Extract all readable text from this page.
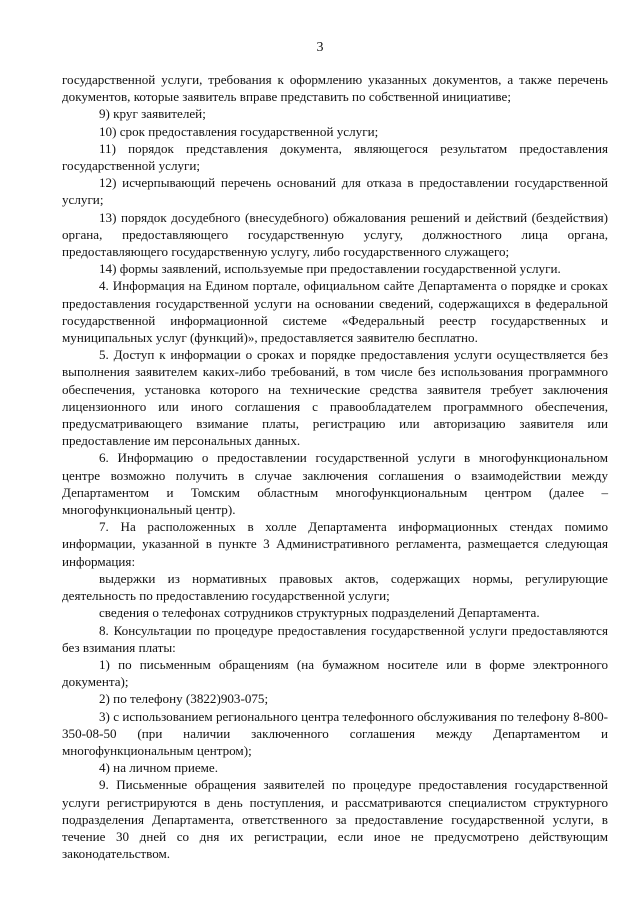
3

государственной услуги, требования к оформлению указанных документов, а также перечень документов, которые заявитель вправе представить по собственной инициативе;

9) круг заявителей;

10) срок предоставления государственной услуги;

11) порядок представления документа, являющегося результатом предоставления государственной услуги;

12) исчерпывающий перечень оснований для отказа в предоставлении государственной услуги;

13) порядок досудебного (внесудебного) обжалования решений и действий (бездействия) органа, предоставляющего государственную услугу, должностного лица органа, предоставляющего государственную услугу, либо государственного служащего;

14) формы заявлений, используемые при предоставлении государственной услуги.

4. Информация на Едином портале, официальном сайте Департамента о порядке и сроках предоставления государственной услуги на основании сведений, содержащихся в федеральной государственной информационной системе «Федеральный реестр государственных и муниципальных услуг (функций)», предоставляется заявителю бесплатно.

5. Доступ к информации о сроках и порядке предоставления услуги осуществляется без выполнения заявителем каких-либо требований, в том числе без использования программного обеспечения, установка которого на технические средства заявителя требует заключения лицензионного или иного соглашения с правообладателем программного обеспечения, предусматривающего взимание платы, регистрацию или авторизацию заявителя или предоставление им персональных данных.

6. Информацию о предоставлении государственной услуги в многофункциональном центре возможно получить в случае заключения соглашения о взаимодействии между Департаментом и Томским областным многофункциональным центром (далее – многофункциональный центр).

7. На расположенных в холле Департамента информационных стендах помимо информации, указанной в пункте 3 Административного регламента, размещается следующая информация:

выдержки из нормативных правовых актов, содержащих нормы, регулирующие деятельность по предоставлению государственной услуги;

сведения о телефонах сотрудников структурных подразделений Департамента.

8. Консультации по процедуре предоставления государственной услуги предоставляются без взимания платы:

1) по письменным обращениям (на бумажном носителе или в форме электронного документа);

2) по телефону (3822)903-075;

3) с использованием регионального центра телефонного обслуживания по телефону 8-800-350-08-50 (при наличии заключенного соглашения между Департаментом и многофункциональным центром);

4) на личном приеме.

9. Письменные обращения заявителей по процедуре предоставления государственной услуги регистрируются в день поступления, и рассматриваются специалистом структурного подразделения Департамента, ответственного за предоставление государственной услуги, в течение 30 дней со дня их регистрации, если иное не предусмотрено действующим законодательством.
